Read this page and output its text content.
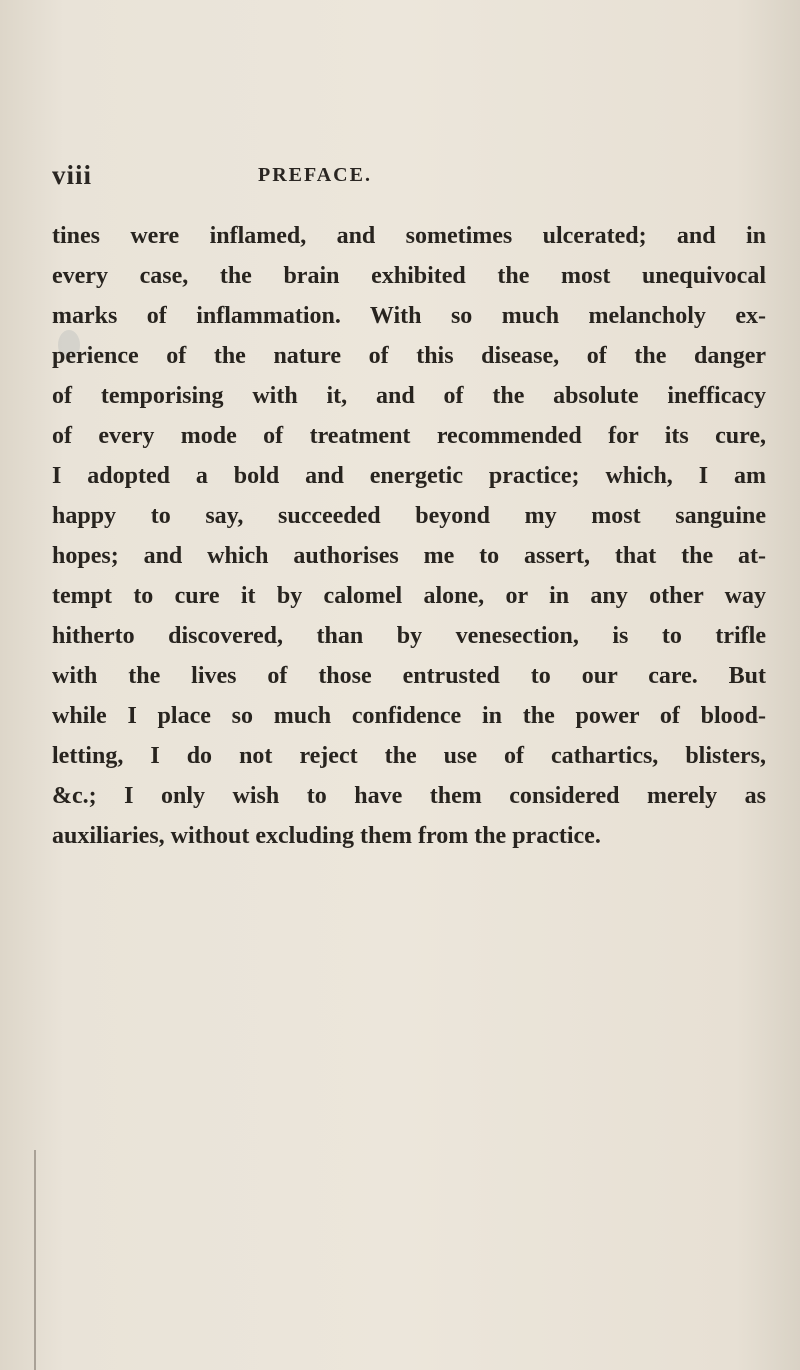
viii	PREFACE.
tines were inflamed, and sometimes ulcerated; and in
every case, the brain exhibited the most unequivocal
marks of inflammation. With so much melancholy ex-
perience of the nature of this disease, of the danger
of temporising with it, and of the absolute inefficacy
of every mode of treatment recommended for its cure,
I adopted a bold and energetic practice; which, I am
happy to say, succeeded beyond my most sanguine
hopes; and which authorises me to assert, that the at-
tempt to cure it by calomel alone, or in any other way
hitherto discovered, than by venesection, is to trifle
with the lives of those entrusted to our care. But
while I place so much confidence in the power of blood-
letting, I do not reject the use of cathartics, blisters,
&c.; I only wish to have them considered merely as
auxiliaries, without excluding them from the practice.
